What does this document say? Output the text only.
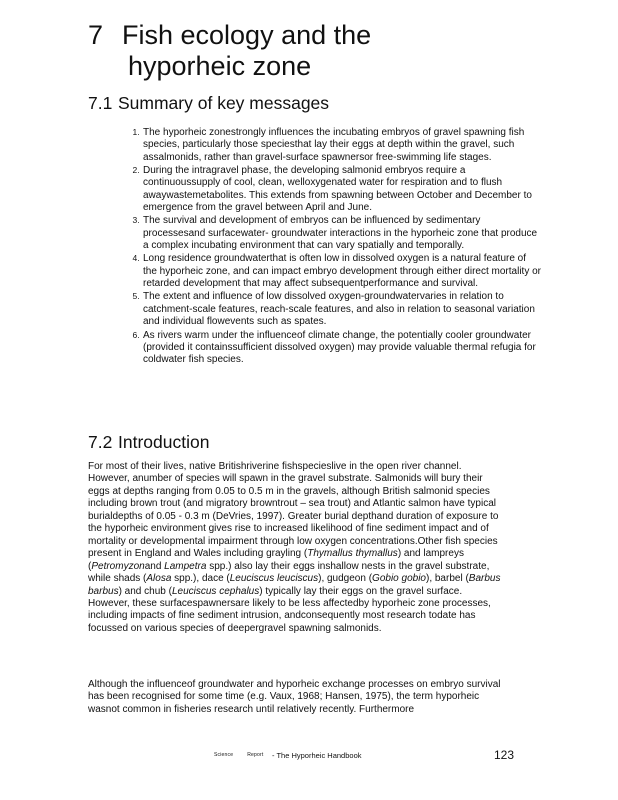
7 Fish ecology and the
hyporheic zone
7.1 Summary of key messages
1. The hyporheic zonestrongly influences the incubating embryos of gravel spawning fish species, particularly those speciesthat lay their eggs at depth within the gravel, such assalmonids, rather than gravel-surface spawnersor free-swimming life stages.
2. During the intragravel phase, the developing salmonid embryos require a continuoussupply of cool, clean, welloxygenated water for respiration and to flush awaywastemetabolites. This extends from spawning between October and December to emergence from the gravel between April and June.
3. The survival and development of embryos can be influenced by sedimentary processesand surfacewater- groundwater interactions in the hyporheic zone that produce a complex incubating environment that can vary spatially and temporally.
4. Long residence groundwaterthat is often low in dissolved oxygen is a natural feature of the hyporheic zone, and can impact embryo development through either direct mortality or retarded development that may affect subsequentperformance and survival.
5. The extent and influence of low dissolved oxygen-groundwatervaries in relation to catchment-scale features, reach-scale features, and also in relation to seasonal variation and individual flowevents such as spates.
6. As rivers warm under the influenceof climate change, the potentially cooler groundwater (provided it containssufficient dissolved oxygen) may provide valuable thermal refugia for coldwater fish species.
7.2 Introduction

For most of their lives, native Britishriverine fishspecieslive in the open river channel. However, anumber of species will spawn in the gravel substrate. Salmonids will bury their eggs at depths ranging from 0.05 to 0.5 m in the gravels, although British salmonid species including brown trout (and migratory browntrout – sea trout) and Atlantic salmon have typical burialdepths of 0.05 - 0.3 m (DeVries, 1997). Greater burial depthand duration of exposure to the hyporheic environment gives rise to increased likelihood of fine sediment impact and of mortality or developmental impairment through low oxygen concentrations.Other fish species present in England and Wales including grayling (Thymallus thymallus) and lampreys (Petromyzonand Lampetra spp.) also lay their eggs inshallow nests in the gravel substrate, while shads (Alosa spp.), dace (Leuciscus leuciscus), gudgeon (Gobio gobio), barbel (Barbus barbus) and chub (Leuciscus cephalus) typically lay their eggs on the gravel surface. However, these surfacespawnersare likely to be less affectedby hyporheic zone processes, including impacts of fine sediment intrusion, andconsequently most research todate has focussed on various species of deepergravel spawning salmonids.

Although the influenceof groundwater and hyporheic exchange processes on embryo survival has been recognised for some time (e.g. Vaux, 1968; Hansen, 1975), the term hyporheic wasnot common in fisheries research until relatively recently. Furthermore

Science	Report	- The Hyporheic Handbook	123
